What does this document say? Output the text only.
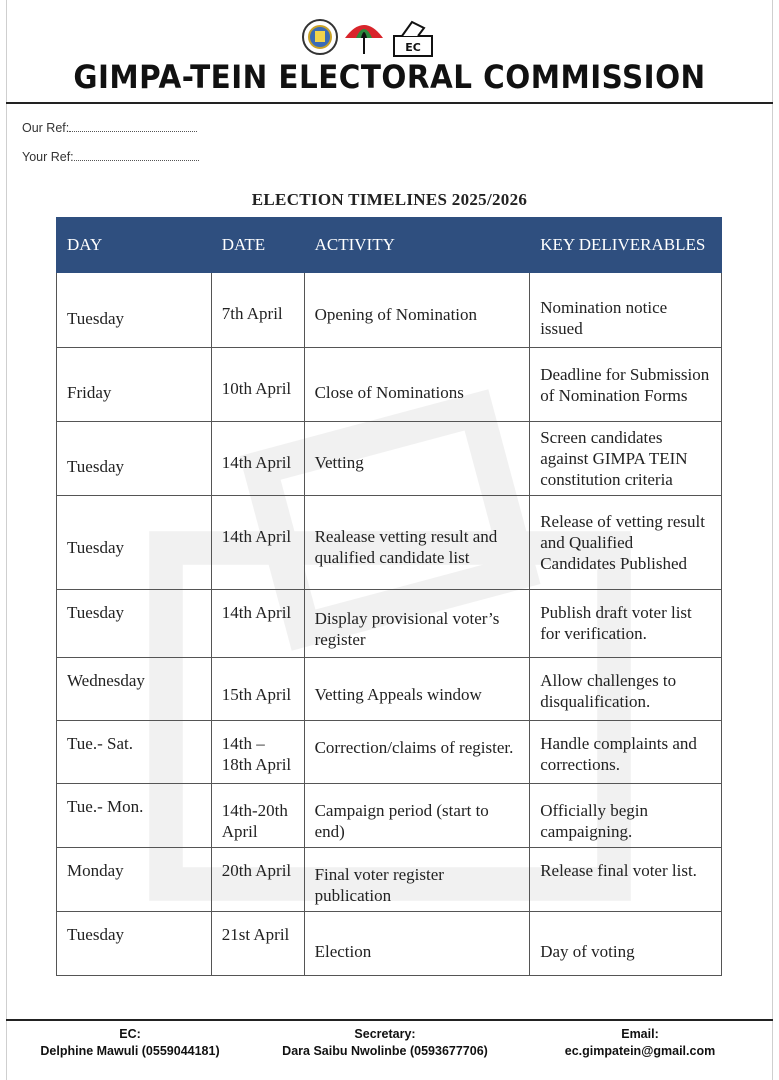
EC
GIMPA-TEIN ELECTORAL COMMISSION
Our Ref:
Your Ref:
ELECTION TIMELINES 2025/2026
DAY	DATE	ACTIVITY	KEY DELIVERABLES
Tuesday	7th April	Opening of Nomination	Nomination notice issued
Friday	10th April	Close of Nominations	Deadline for Submission of Nomination Forms
Tuesday	14th April	Vetting	Screen candidates against GIMPA TEIN constitution criteria
Tuesday	14th April	Realease vetting result and qualified candidate list	Release of vetting result and Qualified Candidates Published
Tuesday	14th April	Display provisional voter’s register	Publish draft voter list for verification.
Wednesday	15th April	Vetting Appeals window	Allow challenges to disqualification.
Tue.- Sat.	14th – 18th April	Correction/claims of register.	Handle complaints and corrections.
Tue.- Mon.	14th-20th April	Campaign period (start to end)	Officially begin campaigning.
Monday	20th April	Final voter register publication	Release final voter list.
Tuesday	21st April	Election	Day of voting
EC:
Delphine Mawuli (0559044181)
Secretary:
Dara Saibu Nwolinbe (0593677706)
Email:
ec.gimpatein@gmail.com
